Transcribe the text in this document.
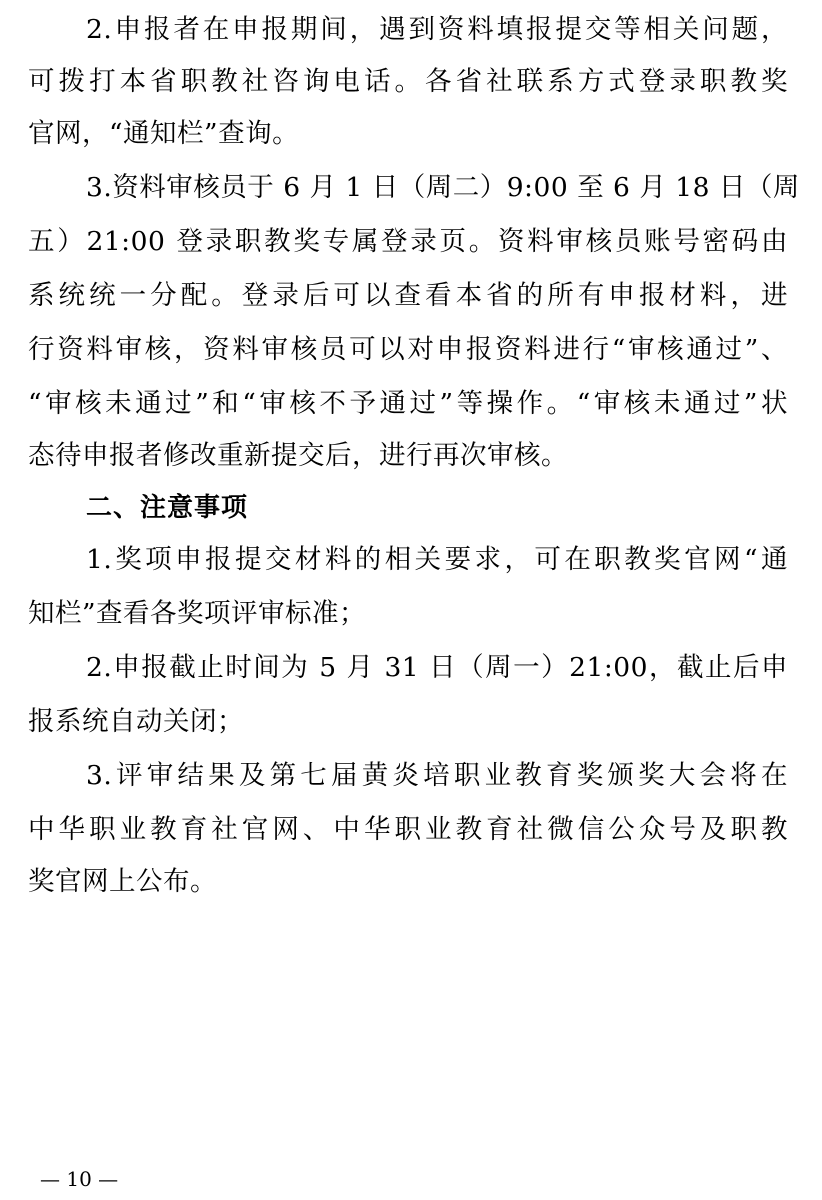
2.申报者在申报期间，遇到资料填报提交等相关问题，
可拨打本省职教社咨询电话。各省社联系方式登录职教奖
官网，“通知栏”查询。
3.资料审核员于 6 月 1 日（周二）9:00 至 6 月 18 日（周
五）21:00 登录职教奖专属登录页。资料审核员账号密码由
系统统一分配。登录后可以查看本省的所有申报材料，进
行资料审核，资料审核员可以对申报资料进行“审核通过”、
“审核未通过”和“审核不予通过”等操作。“审核未通过”状
态待申报者修改重新提交后，进行再次审核。
二、注意事项
1.奖项申报提交材料的相关要求，可在职教奖官网“通
知栏”查看各奖项评审标准；
2.申报截止时间为 5 月 31 日（周一）21:00，截止后申
报系统自动关闭；
3.评审结果及第七届黄炎培职业教育奖颁奖大会将在
中华职业教育社官网、中华职业教育社微信公众号及职教
奖官网上公布。
— 10 —
